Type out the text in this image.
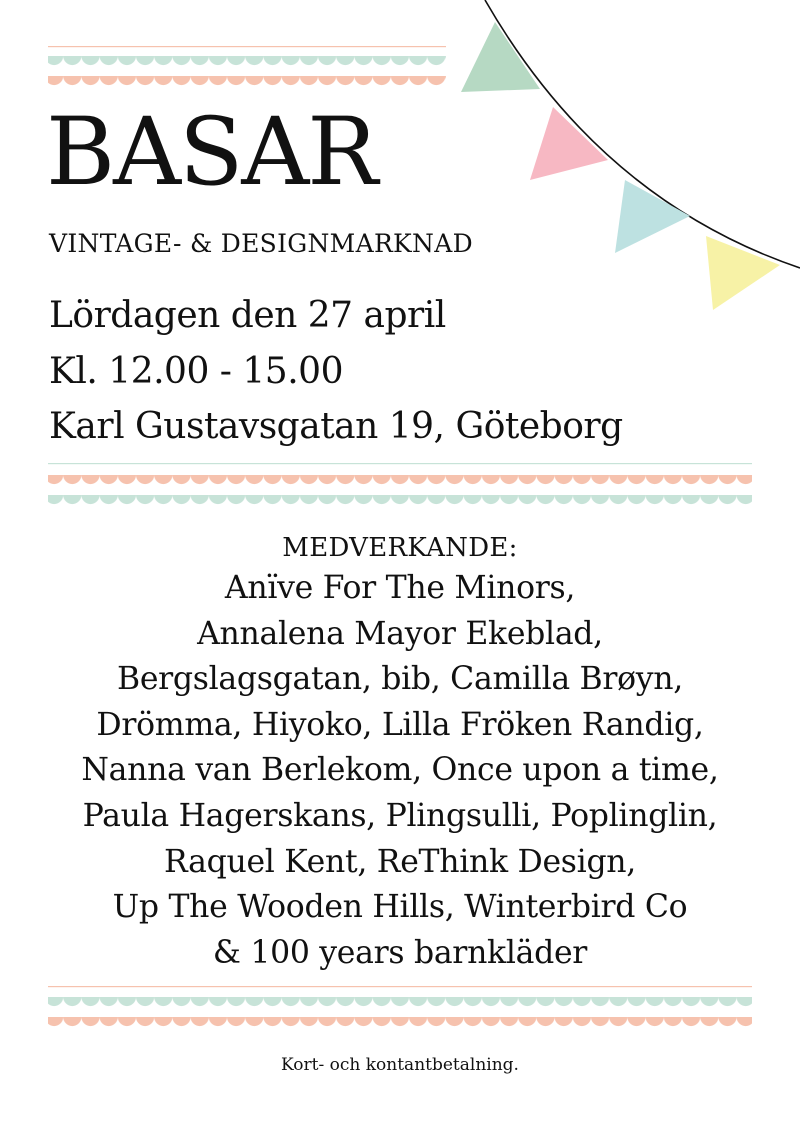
BASAR
VINTAGE- & DESIGNMARKNAD
Lördagen den 27 april
Kl. 12.00 - 15.00
Karl Gustavsgatan 19, Göteborg
MEDVERKANDE:
Anïve For The Minors,
Annalena Mayor Ekeblad,
Bergslagsgatan, bib, Camilla Brøyn,
Drömma, Hiyoko, Lilla Fröken Randig,
Nanna van Berlekom, Once upon a time,
Paula Hagerskans, Plingsulli, Poplinglin,
Raquel Kent, ReThink Design,
Up The Wooden Hills, Winterbird Co
& 100 years barnkläder
Kort- och kontantbetalning.
